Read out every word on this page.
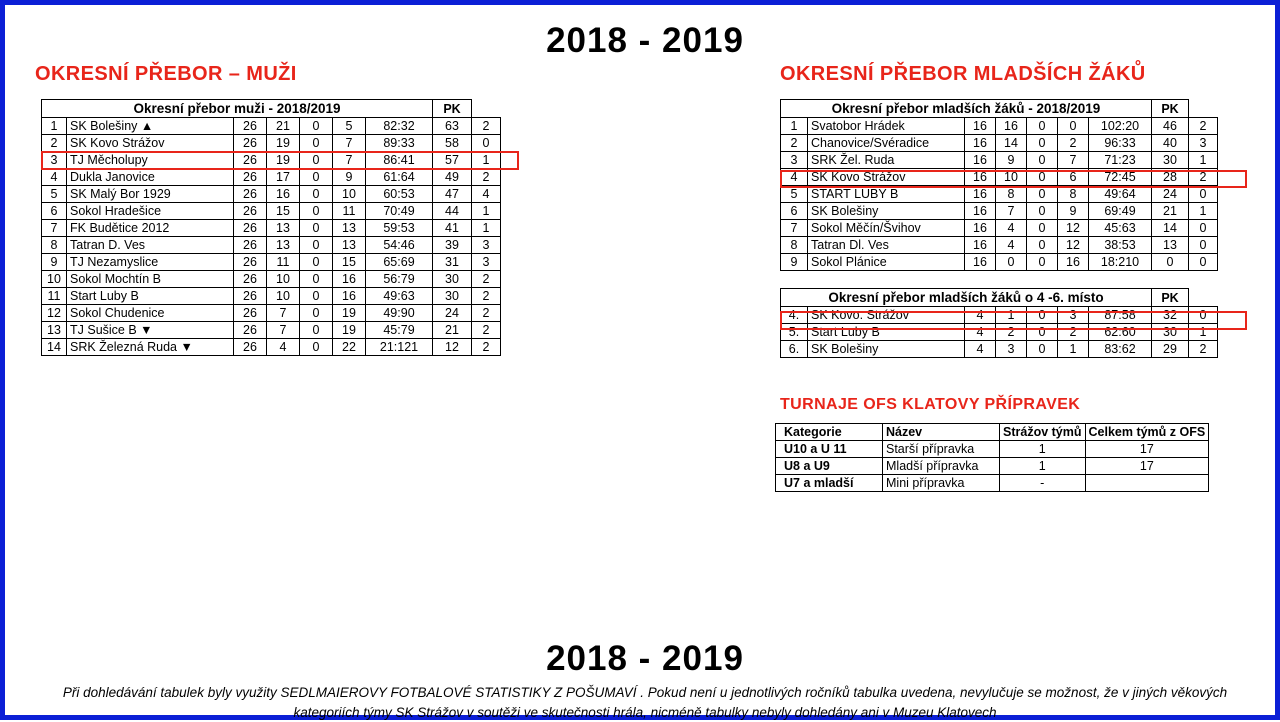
2018 - 2019
OKRESNÍ PŘEBOR – MUŽI	OKRESNÍ PŘEBOR MLADŠÍCH ŽÁKŮ
TURNAJE OFS KLATOVY PŘÍPRAVEK
Okresní přebor muži - 2018/2019							PK	
1	SK Bolešiny ▲	26	21	0	5	82:32	63	2
2	SK Kovo Strážov	26	19	0	7	89:33	58	0
3	TJ Měcholupy	26	19	0	7	86:41	57	1
4	Dukla Janovice	26	17	0	9	61:64	49	2
5	SK Malý Bor 1929	26	16	0	10	60:53	47	4
6	Sokol Hradešice	26	15	0	11	70:49	44	1
7	FK Budětice 2012	26	13	0	13	59:53	41	1
8	Tatran D. Ves	26	13	0	13	54:46	39	3
9	TJ Nezamyslice	26	11	0	15	65:69	31	3
10	Sokol Mochtín B	26	10	0	16	56:79	30	2
11	Start Luby B	26	10	0	16	49:63	30	2
12	Sokol Chudenice	26	7	0	19	49:90	24	2
13	TJ Sušice B ▼	26	7	0	19	45:79	21	2
14	SRK Železná Ruda ▼	26	4	0	22	21:121	12	2
Okresní přebor mladších žáků - 2018/2019							PK	
1	Svatobor Hrádek	16	16	0	0	102:20	46	2
2	Chanovice/Svéradice	16	14	0	2	96:33	40	3
3	SRK Žel. Ruda	16	9	0	7	71:23	30	1
4	SK Kovo Strážov	16	10	0	6	72:45	28	2
5	START LUBY B	16	8	0	8	49:64	24	0
6	SK Bolešiny	16	7	0	9	69:49	21	1
7	Sokol Měčín/Švihov	16	4	0	12	45:63	14	0
8	Tatran Dl. Ves	16	4	0	12	38:53	13	0
9	Sokol Plánice	16	0	0	16	18:210	0	0
Okresní přebor mladších žáků o 4 -6. místo							PK	
4.	SK Kovo. Strážov	4	1	0	3	87:58	32	0
5.	Start Luby B	4	2	0	2	62:60	30	1
6.	SK Bolešiny	4	3	0	1	83:62	29	2
Kategorie	Název	Strážov týmů	Celkem týmů z OFS
U10 a U 11	Starší přípravka	1	17
U8 a U9	Mladší přípravka	1	17
U7 a mladší	Mini přípravka	-	
2018 - 2019
Při dohledávání tabulek byly využity SEDLMAIEROVY FOTBALOVÉ STATISTIKY Z POŠUMAVÍ . Pokud není u jednotlivých ročníků tabulka uvedena, nevylučuje se možnost, že v jiných věkových kategoriích týmy SK Strážov v soutěži ve skutečnosti hrála, nicméně tabulky nebyly dohledány ani v Muzeu Klatovech
